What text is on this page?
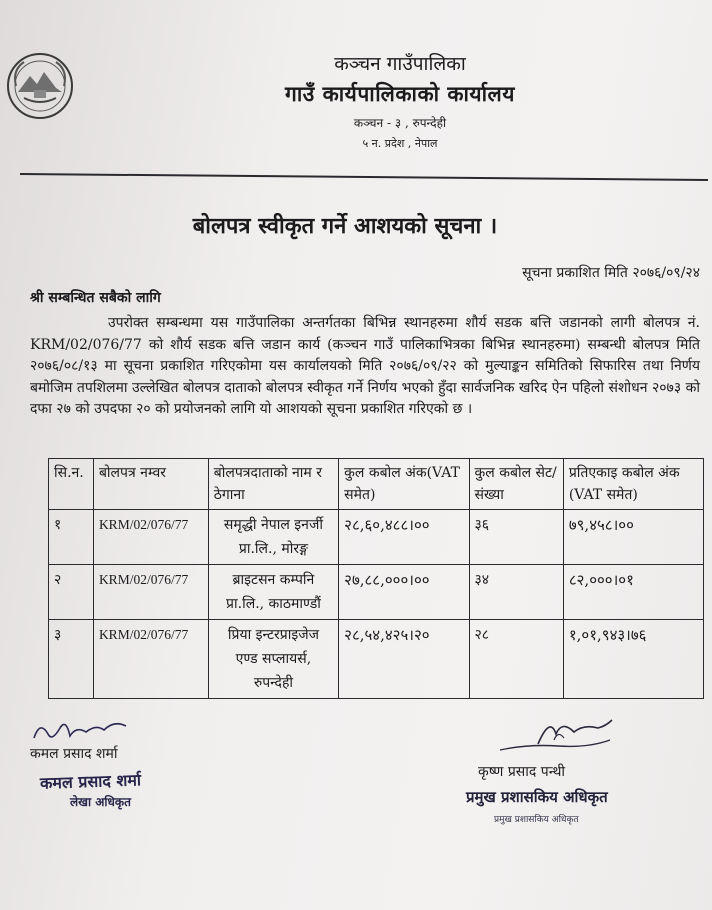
कञ्चन गाउँपालिका
गाउँ कार्यपालिकाको कार्यालय
कञ्चन - ३ , रुपन्देही
५ न. प्रदेश , नेपाल
बोलपत्र स्वीकृत गर्ने आशयको सूचना ।
सूचना प्रकाशित मिति २०७६/०९/२४
श्री सम्बन्धित सबैको लागि
उपरोक्त सम्बन्धमा यस गाउँपालिका अन्तर्गतका बिभिन्न स्थानहरुमा शौर्य सडक बत्ति जडानको लागी बोलपत्र नं. KRM/02/076/77 को शौर्य सडक बत्ति जडान कार्य (कञ्चन गाउँ पालिकाभित्रका बिभिन्न स्थानहरुमा) सम्बन्धी बोलपत्र मिति २०७६/०८/१३ मा सूचना प्रकाशित गरिएकोमा यस कार्यालयको मिति २०७६/०९/२२ को मुल्याङ्कन समितिको सिफारिस तथा निर्णय बमोजिम तपशिलमा उल्लेखित बोलपत्र दाताको बोलपत्र स्वीकृत गर्ने निर्णय भएको हुँदा सार्वजनिक खरिद ऐन पहिलो संशोधन २०७३ को दफा २७ को उपदफा २० को प्रयोजनको लागि यो आशयको सूचना प्रकाशित गरिएको छ ।
सि.न.	बोलपत्र नम्वर	बोलपत्रदाताको नाम र ठेगाना	कुल कबोल अंक(VAT समेत)	कुल कबोल सेट/संख्या	प्रतिएकाइ कबोल अंक (VAT समेत)
१	KRM/02/076/77	समृद्धी नेपाल इनर्जी
प्रा.लि., मोरङ्ग	२८,६०,४८८।००	३६	७९,४५८।००
२	KRM/02/076/77	ब्राइटसन कम्पनि
प्रा.लि., काठमाण्डौं	२७,८८,०००।००	३४	८२,०००।०१
३	KRM/02/076/77	प्रिया इन्टरप्राइजेज
एण्ड सप्लायर्स,
रुपन्देही	२८,५४,४२५।२०	२८	१,०१,९४३।७६
कमल प्रसाद शर्मा
कमल प्रसाद शर्मा
लेखा अधिकृत
कृष्ण प्रसाद पन्थी
प्रमुख प्रशासकिय अधिकृत
प्रमुख प्रशासकिय अधिकृत
